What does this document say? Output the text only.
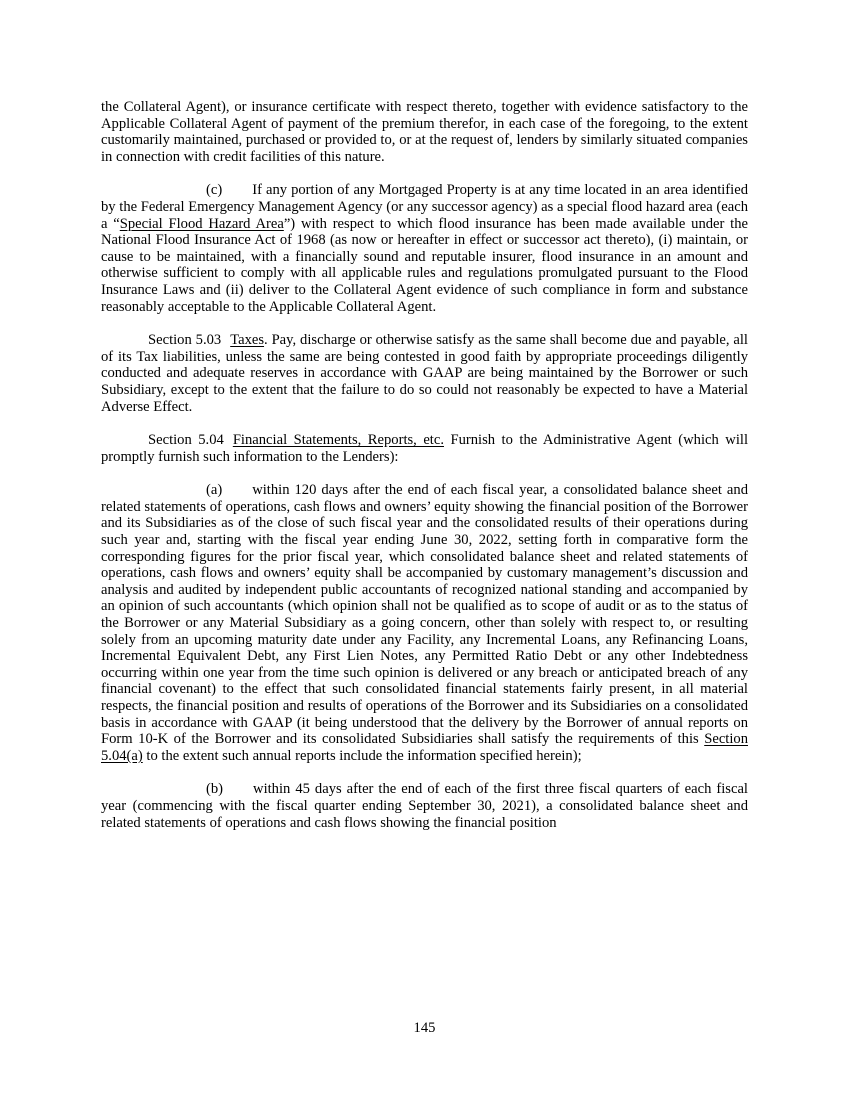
the Collateral Agent), or insurance certificate with respect thereto, together with evidence satisfactory to the Applicable Collateral Agent of payment of the premium therefor, in each case of the foregoing, to the extent customarily maintained, purchased or provided to, or at the request of, lenders by similarly situated companies in connection with credit facilities of this nature.

(c) If any portion of any Mortgaged Property is at any time located in an area identified by the Federal Emergency Management Agency (or any successor agency) as a special flood hazard area (each a “Special Flood Hazard Area”) with respect to which flood insurance has been made available under the National Flood Insurance Act of 1968 (as now or hereafter in effect or successor act thereto), (i) maintain, or cause to be maintained, with a financially sound and reputable insurer, flood insurance in an amount and otherwise sufficient to comply with all applicable rules and regulations promulgated pursuant to the Flood Insurance Laws and (ii) deliver to the Collateral Agent evidence of such compliance in form and substance reasonably acceptable to the Applicable Collateral Agent.

Section 5.03 Taxes. Pay, discharge or otherwise satisfy as the same shall become due and payable, all of its Tax liabilities, unless the same are being contested in good faith by appropriate proceedings diligently conducted and adequate reserves in accordance with GAAP are being maintained by the Borrower or such Subsidiary, except to the extent that the failure to do so could not reasonably be expected to have a Material Adverse Effect.

Section 5.04 Financial Statements, Reports, etc. Furnish to the Administrative Agent (which will promptly furnish such information to the Lenders):

(a) within 120 days after the end of each fiscal year, a consolidated balance sheet and related statements of operations, cash flows and owners’ equity showing the financial position of the Borrower and its Subsidiaries as of the close of such fiscal year and the consolidated results of their operations during such year and, starting with the fiscal year ending June 30, 2022, setting forth in comparative form the corresponding figures for the prior fiscal year, which consolidated balance sheet and related statements of operations, cash flows and owners’ equity shall be accompanied by customary management’s discussion and analysis and audited by independent public accountants of recognized national standing and accompanied by an opinion of such accountants (which opinion shall not be qualified as to scope of audit or as to the status of the Borrower or any Material Subsidiary as a going concern, other than solely with respect to, or resulting solely from an upcoming maturity date under any Facility, any Incremental Loans, any Refinancing Loans, Incremental Equivalent Debt, any First Lien Notes, any Permitted Ratio Debt or any other Indebtedness occurring within one year from the time such opinion is delivered or any breach or anticipated breach of any financial covenant) to the effect that such consolidated financial statements fairly present, in all material respects, the financial position and results of operations of the Borrower and its Subsidiaries on a consolidated basis in accordance with GAAP (it being understood that the delivery by the Borrower of annual reports on Form 10-K of the Borrower and its consolidated Subsidiaries shall satisfy the requirements of this Section 5.04(a) to the extent such annual reports include the information specified herein);

(b) within 45 days after the end of each of the first three fiscal quarters of each fiscal year (commencing with the fiscal quarter ending September 30, 2021), a consolidated balance sheet and related statements of operations and cash flows showing the financial position

145
